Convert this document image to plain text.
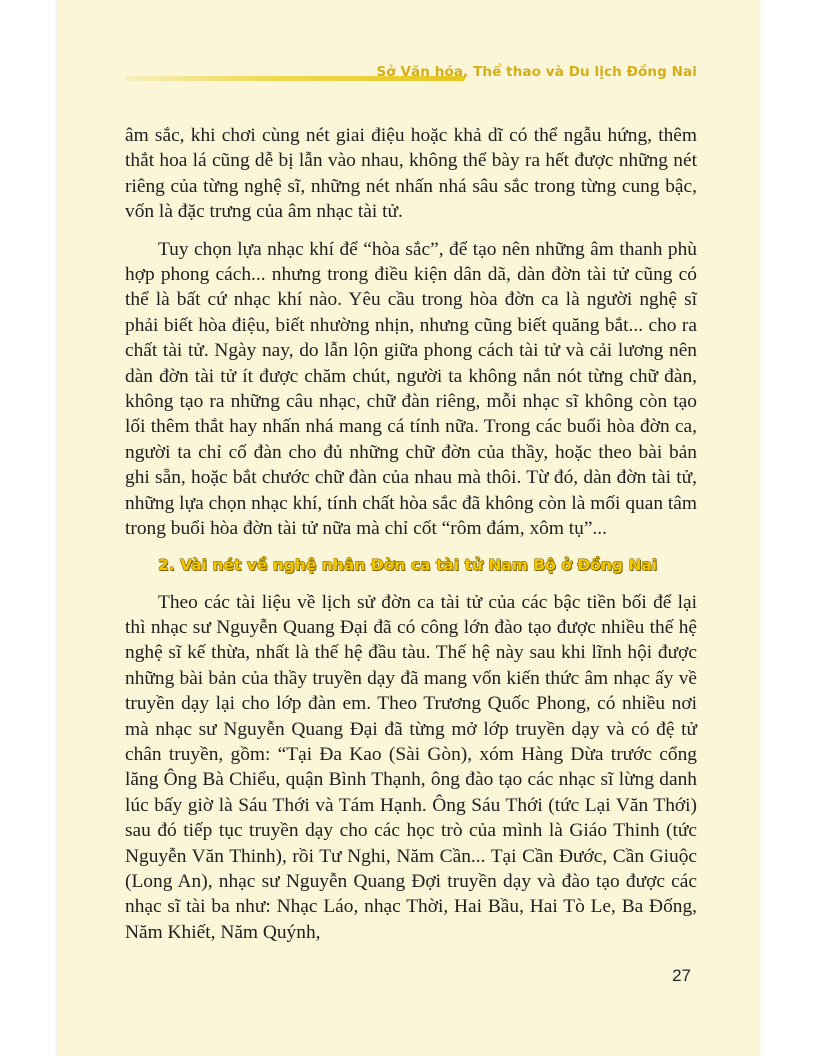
Sở Văn hóa, Thể thao và Du lịch Đồng Nai

âm sắc, khi chơi cùng nét giai điệu hoặc khả dĩ có thể ngẫu hứng, thêm thắt hoa lá cũng dễ bị lẫn vào nhau, không thể bày ra hết được những nét riêng của từng nghệ sĩ, những nét nhấn nhá sâu sắc trong từng cung bậc, vốn là đặc trưng của âm nhạc tài tử.

Tuy chọn lựa nhạc khí để “hòa sắc”, để tạo nên những âm thanh phù hợp phong cách... nhưng trong điều kiện dân dã, dàn đờn tài tử cũng có thể là bất cứ nhạc khí nào. Yêu cầu trong hòa đờn ca là người nghệ sĩ phải biết hòa điệu, biết nhường nhịn, nhưng cũng biết quăng bắt... cho ra chất tài tử. Ngày nay, do lẫn lộn giữa phong cách tài tử và cải lương nên dàn đờn tài tử ít được chăm chút, người ta không nắn nót từng chữ đàn, không tạo ra những câu nhạc, chữ đàn riêng, mỗi nhạc sĩ không còn tạo lối thêm thắt hay nhấn nhá mang cá tính nữa. Trong các buổi hòa đờn ca, người ta chỉ cố đàn cho đủ những chữ đờn của thầy, hoặc theo bài bản ghi sẵn, hoặc bắt chước chữ đàn của nhau mà thôi. Từ đó, dàn đờn tài tử, những lựa chọn nhạc khí, tính chất hòa sắc đã không còn là mối quan tâm trong buổi hòa đờn tài tử nữa mà chỉ cốt “rôm đám, xôm tụ”...

2. Vài nét về nghệ nhân Đờn ca tài tử Nam Bộ ở Đồng Nai

Theo các tài liệu về lịch sử đờn ca tài tử của các bậc tiền bối để lại thì nhạc sư Nguyễn Quang Đại đã có công lớn đào tạo được nhiều thế hệ nghệ sĩ kế thừa, nhất là thế hệ đầu tàu. Thế hệ này sau khi lĩnh hội được những bài bản của thầy truyền dạy đã mang vốn kiến thức âm nhạc ấy về truyền dạy lại cho lớp đàn em. Theo Trương Quốc Phong, có nhiều nơi mà nhạc sư Nguyễn Quang Đại đã từng mở lớp truyền dạy và có đệ tử chân truyền, gồm: “Tại Đa Kao (Sài Gòn), xóm Hàng Dừa trước cổng lăng Ông Bà Chiểu, quận Bình Thạnh, ông đào tạo các nhạc sĩ lừng danh lúc bấy giờ là Sáu Thới và Tám Hạnh. Ông Sáu Thới (tức Lại Văn Thới) sau đó tiếp tục truyền dạy cho các học trò của mình là Giáo Thinh (tức Nguyễn Văn Thinh), rồi Tư Nghi, Năm Cần... Tại Cần Đước, Cần Giuộc (Long An), nhạc sư Nguyễn Quang Đợi truyền dạy và đào tạo được các nhạc sĩ tài ba như: Nhạc Láo, nhạc Thời, Hai Bầu, Hai Tò Le, Ba Đống, Năm Khiết, Năm Quýnh,

27
